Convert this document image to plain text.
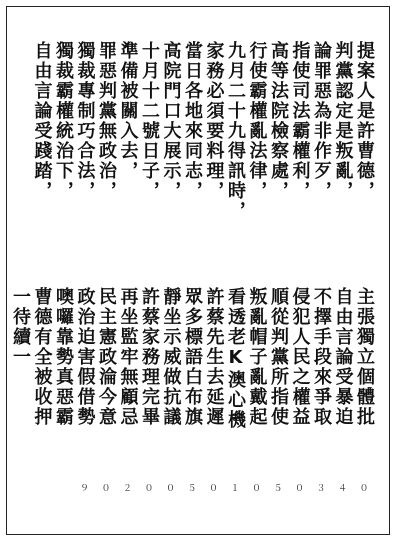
提案人是許曹德，
主張獨立個體批
判黨認定是叛亂，
自由言論受暴迫
論罪惡為非作歹，
不擇手段來爭取
指使司法霸權利，
侵犯人民之權益
高等法院檢察處，
順從判黨所指使
行使霸權亂法律，
叛亂帽子亂戴起
九月二十九得訊時，
看透老K澳心機
家務必須要料理，
許蔡先生去延遲
當日各地來同志，
眾多標語白布旗
高院門口大展示，
靜坐示威做抗議
十月十二號日子，
許蔡家務理完畢
準備被關入去，
再坐監牢無顧忌
罪惡判黨無政治，
民主憲政淪今意
獨裁專制巧合法，
政治迫害假借勢
獨裁霸權統治下，
噢囉靠勢真惡霸
自由言論受踐踏，
曹德有全被收押
一待續一
０
４
３
０
５
０
１
０
５
０
０
２
０
９
